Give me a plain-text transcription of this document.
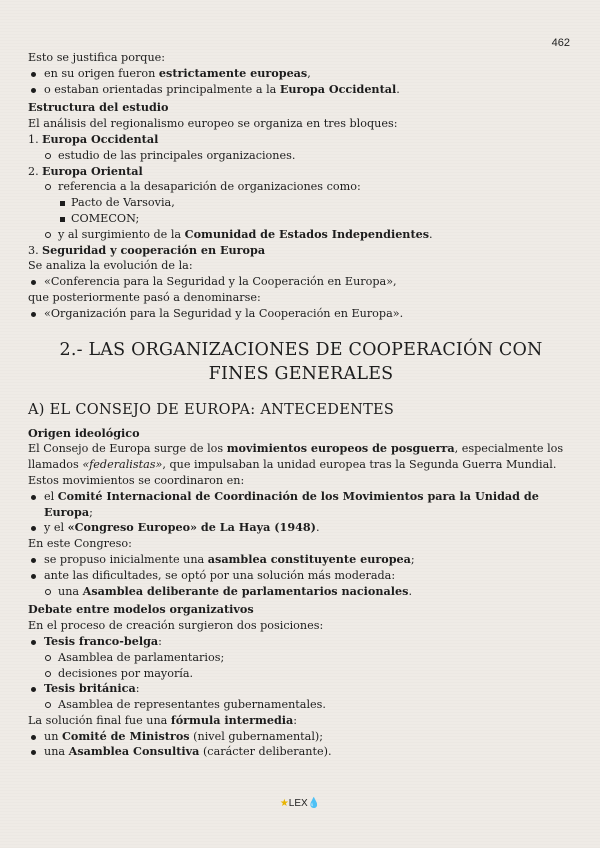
462

Esto se justifica porque:

en su origen fueron estrictamente europeas,
o estaban orientadas principalmente a la Europa Occidental.

Estructura del estudio

El análisis del regionalismo europeo se organiza en tres bloques:

1. Europa Occidental
estudio de las principales organizaciones.
2. Europa Oriental
referencia a la desaparición de organizaciones como:
Pacto de Varsovia,
COMECON;
y al surgimiento de la Comunidad de Estados Independientes.
3. Seguridad y cooperación en Europa

Se analiza la evolución de la:

«Conferencia para la Seguridad y la Cooperación en Europa»,

que posteriormente pasó a denominarse:

«Organización para la Seguridad y la Cooperación en Europa».
2.- LAS ORGANIZACIONES DE COOPERACIÓN CON
FINES GENERALES
A) EL CONSEJO DE EUROPA: ANTECEDENTES

Origen ideológico

El Consejo de Europa surge de los movimientos europeos de posguerra, especialmente los llamados «federalistas», que impulsaban la unidad europea tras la Segunda Guerra Mundial.

Estos movimientos se coordinaron en:

el Comité Internacional de Coordinación de los Movimientos para la Unidad de Europa;
y el «Congreso Europeo» de La Haya (1948).

En este Congreso:

se propuso inicialmente una asamblea constituyente europea;
ante las dificultades, se optó por una solución más moderada:
una Asamblea deliberante de parlamentarios nacionales.

Debate entre modelos organizativos

En el proceso de creación surgieron dos posiciones:

Tesis franco-belga:
Asamblea de parlamentarios;
decisiones por mayoría.
Tesis británica:
Asamblea de representantes gubernamentales.

La solución final fue una fórmula intermedia:

un Comité de Ministros (nivel gubernamental);
una Asamblea Consultiva (carácter deliberante).
★LEX💧
